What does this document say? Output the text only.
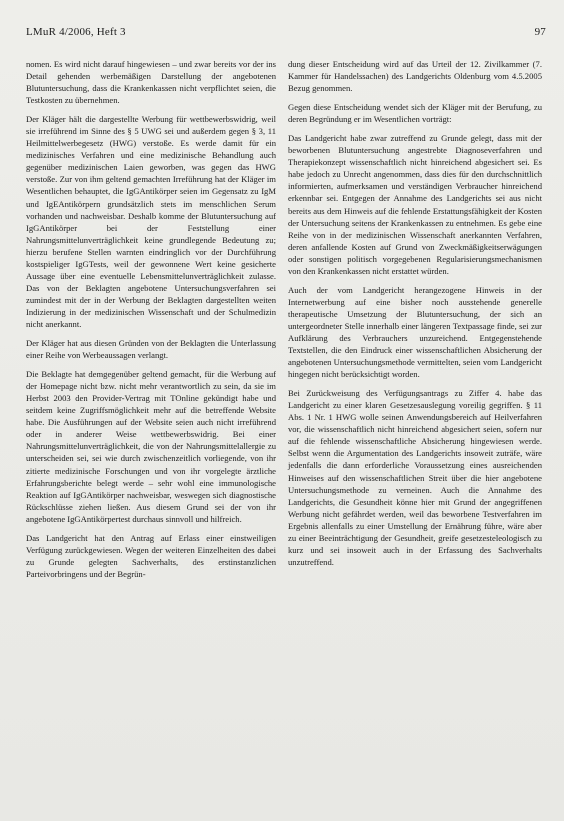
LMuR 4/2006, Heft 3	97

nomen. Es wird nicht darauf hingewiesen – und zwar bereits vor der ins Detail gehenden werbemäßigen Darstellung der angebotenen Blutuntersuchung, dass die Krankenkassen nicht verpflichtet seien, die Testkosten zu übernehmen.

Der Kläger hält die dargestellte Werbung für wettbewerbswidrig, weil sie irreführend im Sinne des § 5 UWG sei und außerdem gegen § 3, 11 Heilmittelwerbegesetz (HWG) verstoße. Es werde damit für ein medizinisches Verfahren und eine medizinische Behandlung auch gegenüber medizinischen Laien geworben, was gegen das HWG verstoße. Zur von ihm geltend gemachten Irreführung hat der Kläger im Wesentlichen behauptet, die IgGAntikörper seien im Gegensatz zu IgM und IgEAntikörpern grundsätzlich stets im menschlichen Serum vorhanden und nachweisbar. Deshalb komme der Blutuntersuchung auf IgGAntikörper bei der Feststellung einer Nahrungsmittelunverträglichkeit keine grundlegende Bedeutung zu; hierzu berufene Stellen warnten eindringlich vor der Durchführung kostspieliger IgGTests, weil der gewonnene Wert keine gesicherte Aussage über eine eventuelle Lebensmittelunverträglichkeit zulasse. Das von der Beklagten angebotene Untersuchungsverfahren sei zumindest mit der in der Werbung der Beklagten dargestellten weiten Indizierung in der medizinischen Wissenschaft und der Schulmedizin nicht anerkannt.

Der Kläger hat aus diesen Gründen von der Beklagten die Unterlassung einer Reihe von Werbeaussagen verlangt.

Die Beklagte hat demgegenüber geltend gemacht, für die Werbung auf der Homepage nicht bzw. nicht mehr verantwortlich zu sein, da sie im Herbst 2003 den Provider-Vertrag mit TOnline gekündigt habe und seitdem keine Zugriffsmöglichkeit mehr auf die betreffende Website habe. Die Ausführungen auf der Website seien auch nicht irreführend oder in anderer Weise wettbewerbswidrig. Bei einer Nahrungsmittelunverträglichkeit, die von der Nahrungsmittelallergie zu unterscheiden sei, sei wie durch zwischenzeitlich vorliegende, von ihr zitierte medizinische Forschungen und von ihr vorgelegte ärztliche Erfahrungsberichte belegt werde – sehr wohl eine immunologische Reaktion auf IgGAntikörper nachweisbar, weswegen sich diagnostische Rückschlüsse ziehen ließen. Aus diesem Grund sei der von ihr angebotene IgGAntikörpertest durchaus sinnvoll und hilfreich.

Das Landgericht hat den Antrag auf Erlass einer einstweiligen Verfügung zurückgewiesen. Wegen der weiteren Einzelheiten des dabei zu Grunde gelegten Sachverhalts, des erstinstanzlichen Parteivorbringens und der Begrün-

dung dieser Entscheidung wird auf das Urteil der 12. Zivilkammer (7. Kammer für Handelssachen) des Landgerichts Oldenburg vom 4.5.2005 Bezug genommen.

Gegen diese Entscheidung wendet sich der Kläger mit der Berufung, zu deren Begründung er im Wesentlichen vorträgt:

Das Landgericht habe zwar zutreffend zu Grunde gelegt, dass mit der beworbenen Blutuntersuchung angestrebte Diagnoseverfahren und Therapiekonzept wissenschaftlich nicht hinreichend abgesichert sei. Es habe jedoch zu Unrecht angenommen, dass dies für den durchschnittlich informierten, aufmerksamen und verständigen Verbraucher hinreichend erkennbar sei. Entgegen der Annahme des Landgerichts sei aus nicht bereits aus dem Hinweis auf die fehlende Erstattungsfähigkeit der Kosten der Untersuchung seitens der Krankenkassen zu entnehmen. Es gebe eine Reihe von in der medizinischen Wissenschaft anerkannten Verfahren, deren anfallende Kosten auf Grund von Zweckmäßigkeitserwägungen oder sonstigen politisch vorgegebenen Regularisierungsmechanismen von den Krankenkassen nicht erstattet würden.

Auch der vom Landgericht herangezogene Hinweis in der Internetwerbung auf eine bisher noch ausstehende generelle therapeutische Umsetzung der Blutuntersuchung, der sich an untergeordneter Stelle innerhalb einer längeren Textpassage finde, sei zur Aufklärung des Verbrauchers unzureichend. Entgegenstehende Textstellen, die den Eindruck einer wissenschaftlichen Absicherung der angebotenen Untersuchungsmethode vermittelten, seien vom Landgericht hingegen nicht berücksichtigt worden.

Bei Zurückweisung des Verfügungsantrags zu Ziffer 4. habe das Landgericht zu einer klaren Gesetzesauslegung voreilig gegriffen. § 11 Abs. 1 Nr. 1 HWG wolle seinen Anwendungsbereich auf Heilverfahren vor, die wissenschaftlich nicht hinreichend abgesichert seien, sofern nur auf die fehlende wissenschaftliche Absicherung hingewiesen werde. Selbst wenn die Argumentation des Landgerichts insoweit zuträfe, wäre jedenfalls die dann erforderliche Voraussetzung eines ausreichenden Hinweises auf den wissenschaftlichen Streit über die hier angebotene Untersuchungsmethode zu verneinen. Auch die Annahme des Landgerichts, die Gesundheit könne hier mit Grund der angegriffenen Werbung nicht gefährdet werden, weil das beworbene Testverfahren im Ergebnis allenfalls zu einer Umstellung der Ernährung führe, wäre aber zu einer Beeinträchtigung der Gesundheit, greife gesetzesteleologisch zu kurz und sei insoweit auch in der Erfassung des Sachverhalts unzutreffend.
